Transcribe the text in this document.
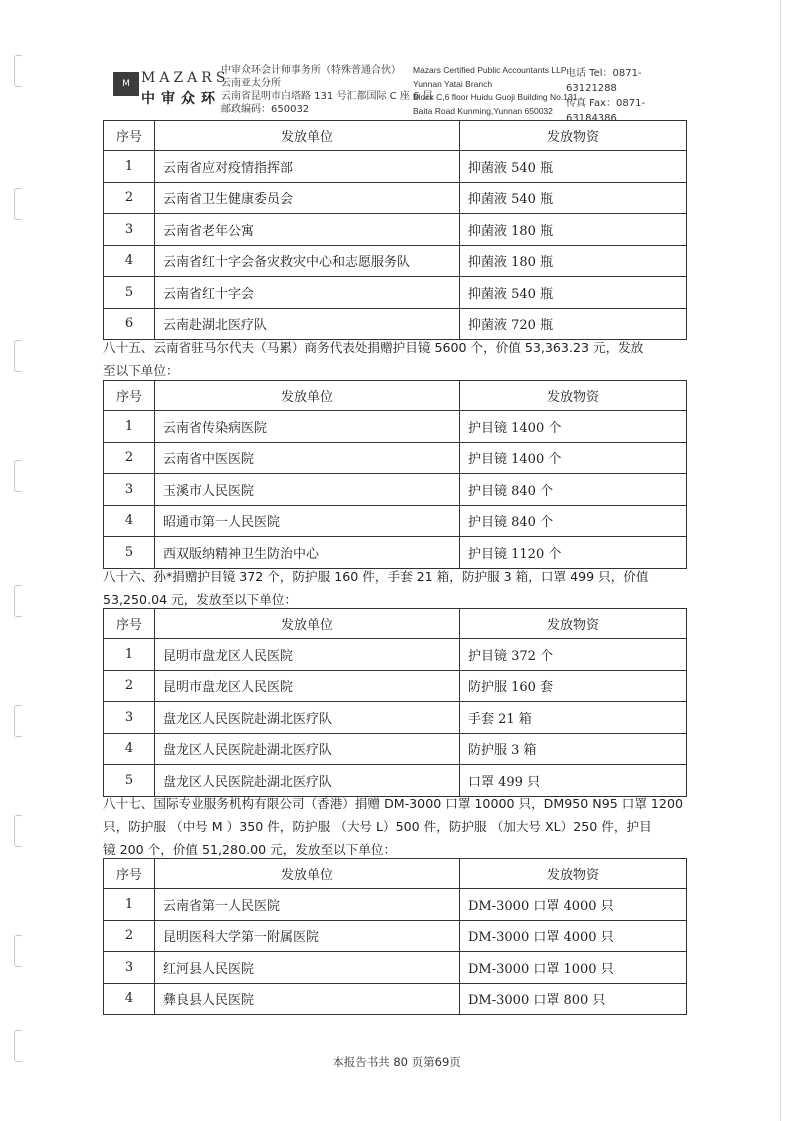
M MAZARS
中审众环
中审众环会计师事务所（特殊普通合伙）
云南亚太分所
云南省昆明市白塔路 131 号汇都国际 C 座 6 层
邮政编码：650032
Mazars Certified Public Accountants LLP
Yunnan Yatai Branch
Block C,6 floor Huidu Guoji Building No.131
Baita Road Kunming,Yunnan 650032
电话 Tel：0871-63121288
传真 Fax：0871-63184386
序号	发放单位	发放物资
1	云南省应对疫情指挥部	抑菌液 540 瓶
2	云南省卫生健康委员会	抑菌液 540 瓶
3	云南省老年公寓	抑菌液 180 瓶
4	云南省红十字会备灾救灾中心和志愿服务队	抑菌液 180 瓶
5	云南省红十字会	抑菌液 540 瓶
6	云南赴湖北医疗队	抑菌液 720 瓶
八十五、云南省驻马尔代夫（马累）商务代表处捐赠护目镜 5600 个，价值 53,363.23 元，发放
至以下单位：
序号	发放单位	发放物资
1	云南省传染病医院	护目镜 1400 个
2	云南省中医医院	护目镜 1400 个
3	玉溪市人民医院	护目镜 840 个
4	昭通市第一人民医院	护目镜 840 个
5	西双版纳精神卫生防治中心	护目镜 1120 个
八十六、孙*捐赠护目镜 372 个，防护服 160 件，手套 21 箱，防护服 3 箱，口罩 499 只，价值
53,250.04 元，发放至以下单位：
序号	发放单位	发放物资
1	昆明市盘龙区人民医院	护目镜 372 个
2	昆明市盘龙区人民医院	防护服 160 套
3	盘龙区人民医院赴湖北医疗队	手套 21 箱
4	盘龙区人民医院赴湖北医疗队	防护服 3 箱
5	盘龙区人民医院赴湖北医疗队	口罩 499 只
八十七、国际专业服务机构有限公司（香港）捐赠 DM-3000 口罩 10000 只，DM950 N95 口罩 1200
只，防护服 （中号 M ）350 件，防护服 （大号 L）500 件，防护服 （加大号 XL）250 件，护目
镜 200 个，价值 51,280.00 元，发放至以下单位：
序号	发放单位	发放物资
1	云南省第一人民医院	DM-3000 口罩 4000 只
2	昆明医科大学第一附属医院	DM-3000 口罩 4000 只
3	红河县人民医院	DM-3000 口罩 1000 只
4	彝良县人民医院	DM-3000 口罩 800 只
本报告书共 80 页第69页
